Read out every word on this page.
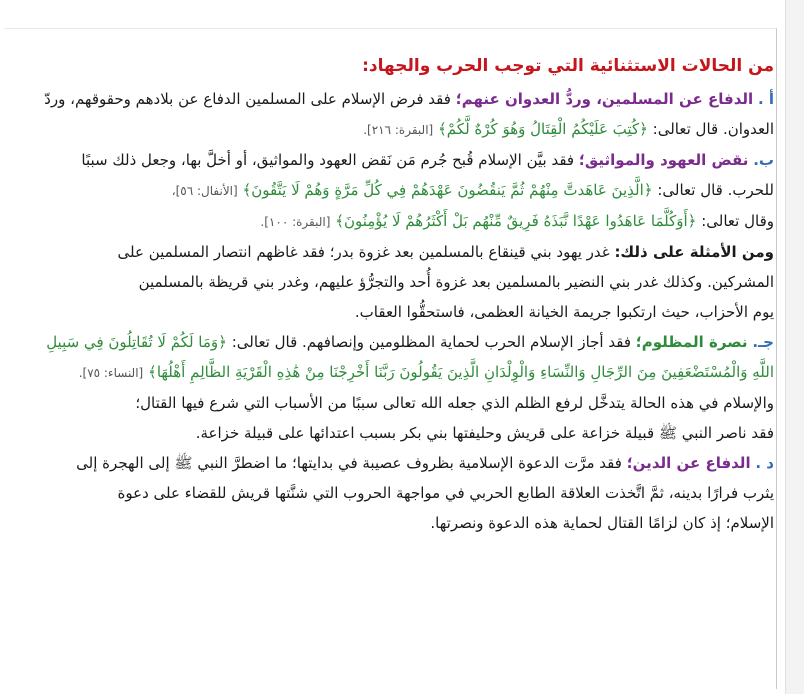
من الحالات الاستثنائية التي توجب الحرب والجهاد:

أ . الدفاع عن المسلمين، وردُّ العدوان عنهم؛ فقد فرض الإسلام على المسلمين الدفاع عن بلادهم وحقوقهم، وردّ

العدوان. قال تعالى: ﴿كُتِبَ عَلَيْكُمُ الْقِتَالُ وَهُوَ كُرْهٌ لَّكُمْ﴾ [البقرة: ٢١٦].

ب. نقض العهود والمواثيق؛ فقد بيَّن الإسلام قُبح جُرم مَن نَقض العهود والمواثيق، أو أخلَّ بها، وجعل ذلك سببًا

للحرب. قال تعالى: ﴿الَّذِينَ عَاهَدتَّ مِنْهُمْ ثُمَّ يَنقُضُونَ عَهْدَهُمْ فِي كُلِّ مَرَّةٍ وَهُمْ لَا يَتَّقُونَ﴾ [الأنفال: ٥٦]،

وقال تعالى: ﴿أَوَكُلَّمَا عَاهَدُوا عَهْدًا نَّبَذَهُ فَرِيقٌ مِّنْهُم بَلْ أَكْثَرُهُمْ لَا يُؤْمِنُونَ﴾ [البقرة: ١٠٠].

ومن الأمثلة على ذلك: غدر يهود بني قينقاع بالمسلمين بعد غزوة بدر؛ فقد غاظهم انتصار المسلمين على

المشركين. وكذلك غدر بني النضير بالمسلمين بعد غزوة أُحد والتجرُّؤ عليهم، وغدر بني قريظة بالمسلمين

يوم الأحزاب، حيث ارتكبوا جريمة الخيانة العظمى، فاستحقُّوا العقاب.

جـ. نصرة المظلوم؛ فقد أجاز الإسلام الحرب لحماية المظلومين وإنصافهم. قال تعالى: ﴿وَمَا لَكُمْ لَا تُقَاتِلُونَ فِي سَبِيلِ

اللَّهِ وَالْمُسْتَضْعَفِينَ مِنَ الرِّجَالِ وَالنِّسَاءِ وَالْوِلْدَانِ الَّذِينَ يَقُولُونَ رَبَّنَا أَخْرِجْنَا مِنْ هَٰذِهِ الْقَرْيَةِ الظَّالِمِ أَهْلُهَا﴾ [النساء: ٧٥].

والإسلام في هذه الحالة يتدخَّل لرفع الظلم الذي جعله الله تعالى سببًا من الأسباب التي شرع فيها القتال؛

فقد ناصر النبي ﷺ قبيلة خزاعة على قريش وحليفتها بني بكر بسبب اعتدائها على قبيلة خزاعة.

د . الدفاع عن الدين؛ فقد مرَّت الدعوة الإسلامية بظروف عصيبة في بدايتها؛ ما اضطرَّ النبي ﷺ إلى الهجرة إلى

يثرب فرارًا بدينه، ثمَّ اتَّخذت العلاقة الطابع الحربي في مواجهة الحروب التي شنَّتها قريش للقضاء على دعوة

الإسلام؛ إذ كان لزامًا القتال لحماية هذه الدعوة ونصرتها.
